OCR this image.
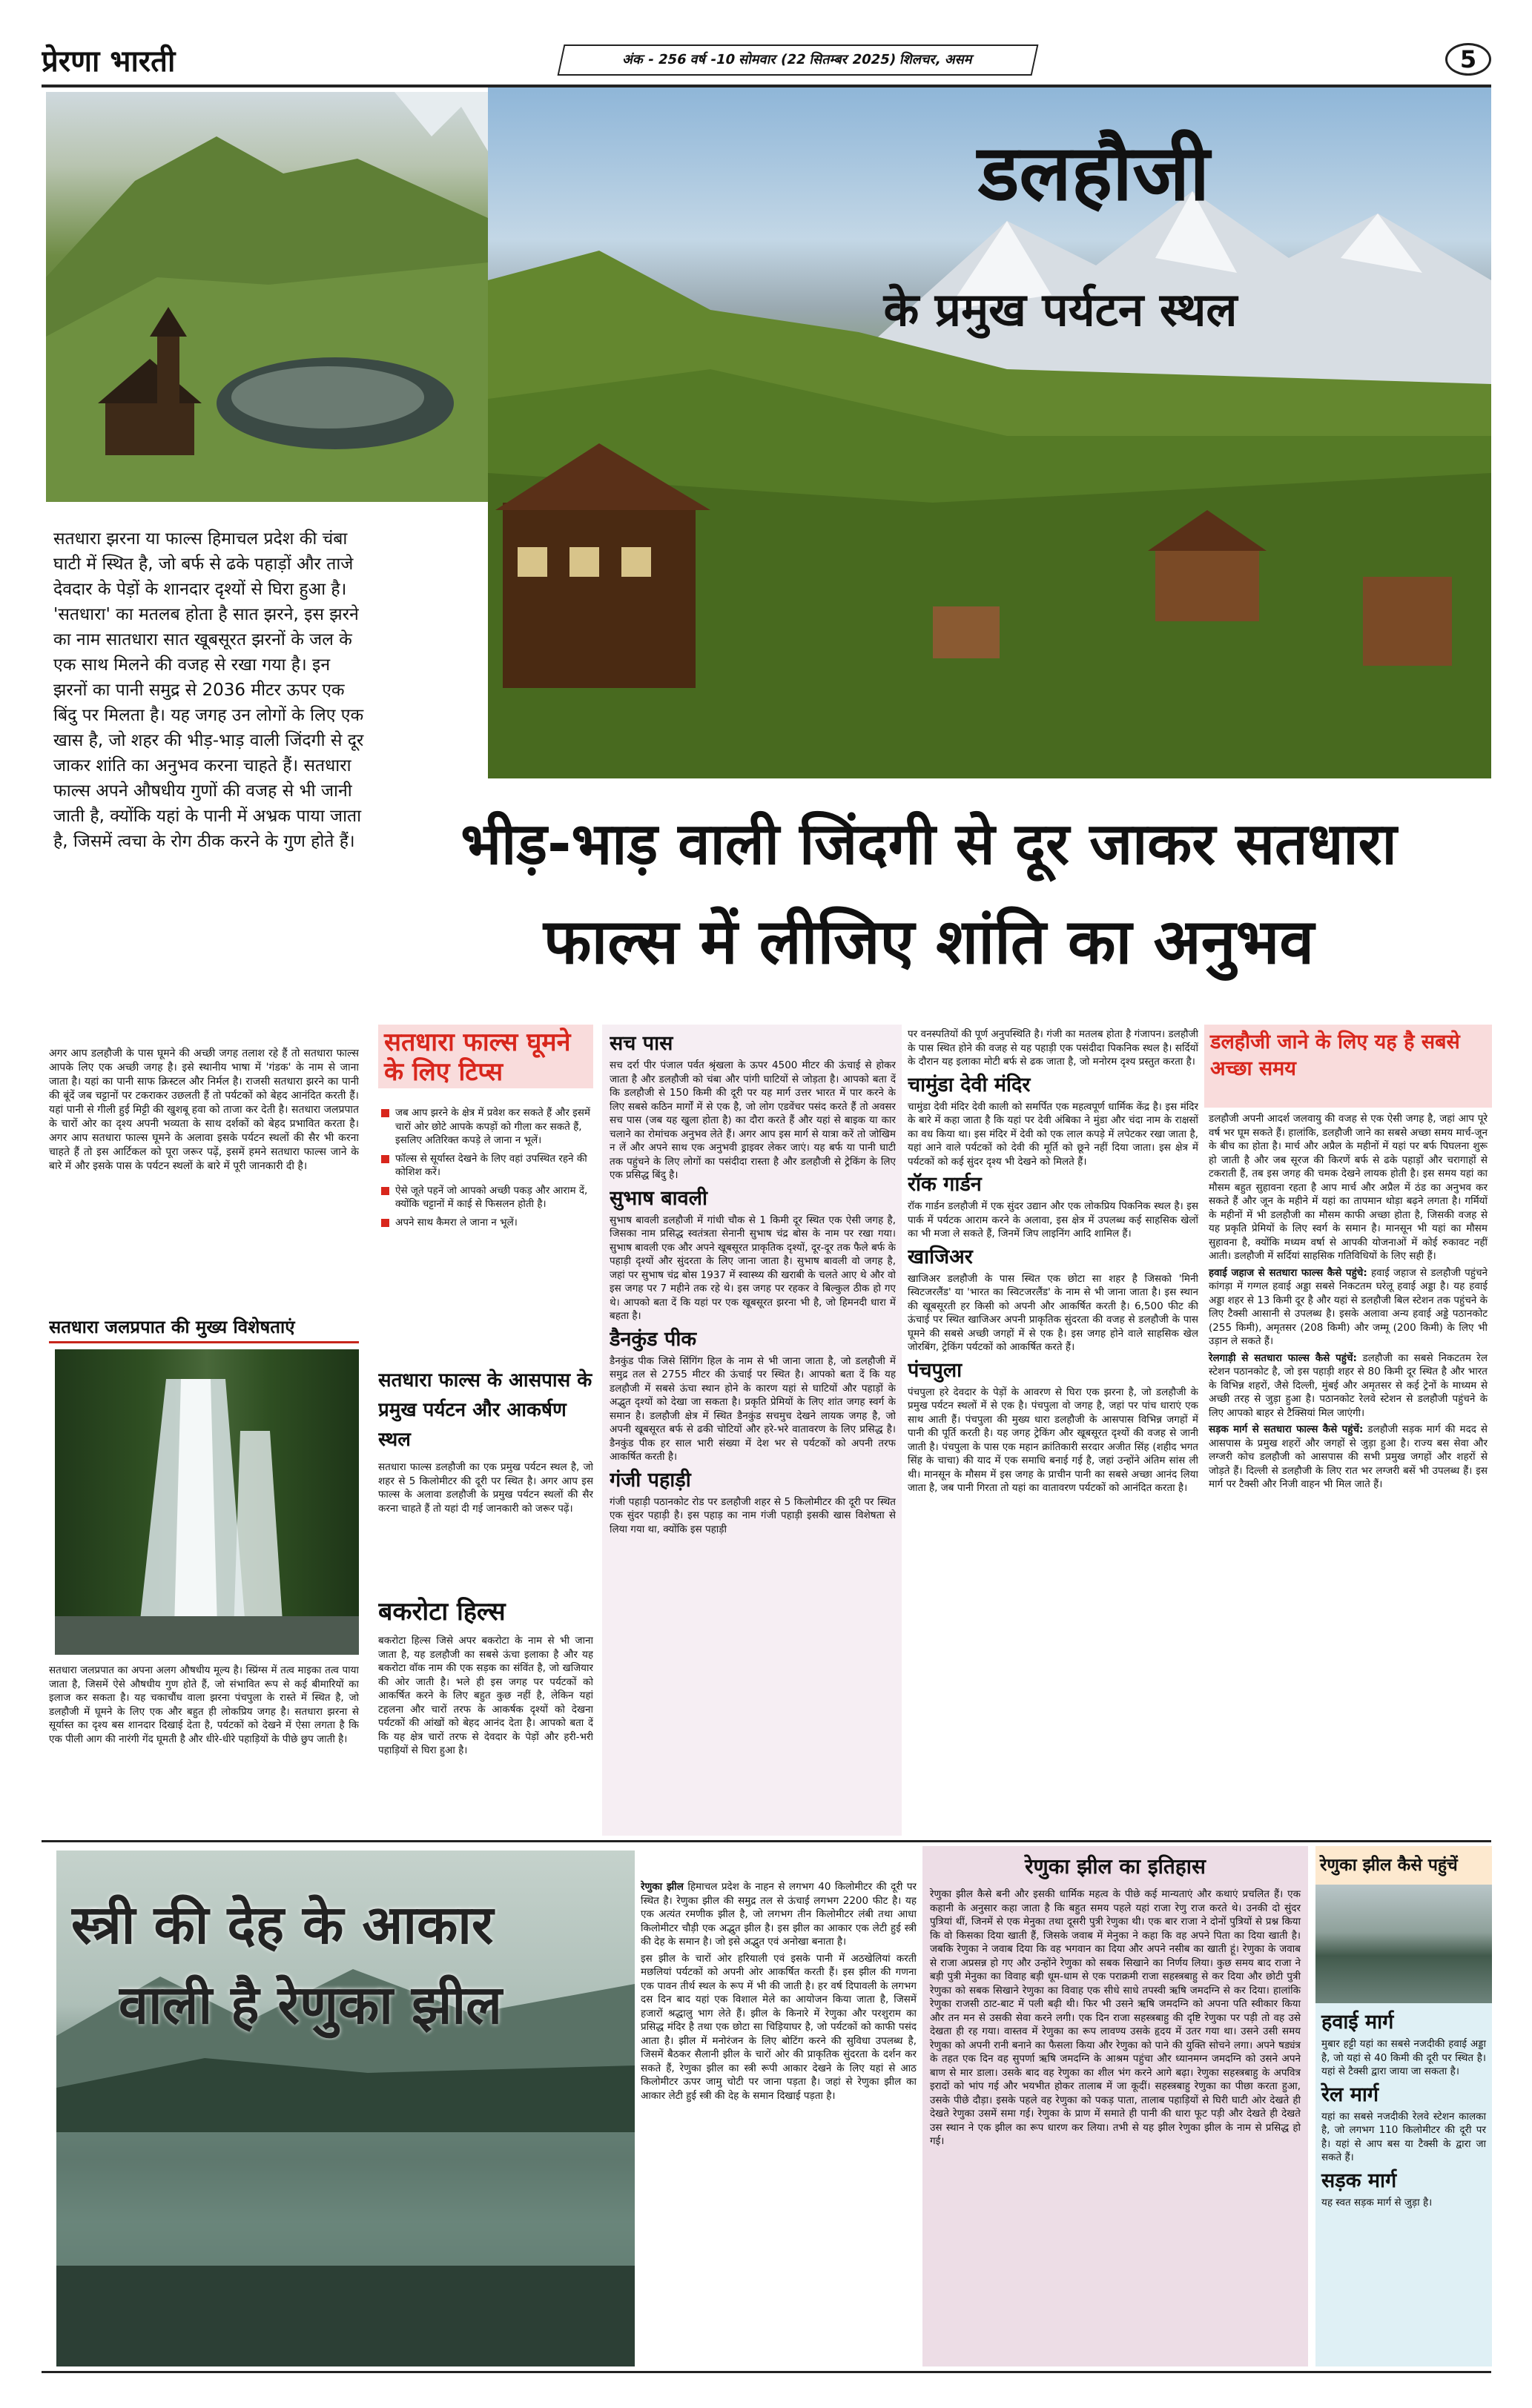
प्रेरणा भारती	अंक - 256 वर्ष -10 सोमवार (22 सितम्बर 2025) शिलचर, असम	5
डलहौजी
के प्रमुख पर्यटन स्थल
सतधारा झरना या फाल्स हिमाचल प्रदेश की चंबा घाटी में स्थित है, जो बर्फ से ढके पहाड़ों और ताजे देवदार के पेड़ों के शानदार दृश्यों से घिरा हुआ है। 'सतधारा' का मतलब होता है सात झरने, इस झरने का नाम सातधारा सात खूबसूरत झरनों के जल के एक साथ मिलने की वजह से रखा गया है। इन झरनों का पानी समुद्र से 2036 मीटर ऊपर एक बिंदु पर मिलता है। यह जगह उन लोगों के लिए एक खास है, जो शहर की भीड़-भाड़ वाली जिंदगी से दूर जाकर शांति का अनुभव करना चाहते हैं। सतधारा फाल्स अपने औषधीय गुणों की वजह से भी जानी जाती है, क्योंकि यहां के पानी में अभ्रक पाया जाता है, जिसमें त्वचा के रोग ठीक करने के गुण होते हैं।	भीड़-भाड़ वाली जिंदगी से दूर जाकर सतधारा
फाल्स में लीजिए शांति का अनुभव
अगर आप डलहौजी के पास घूमने की अच्छी जगह तलाश रहे हैं तो सतधारा फाल्स आपके लिए एक अच्छी जगह है। इसे स्थानीय भाषा में 'गंडक' के नाम से जाना जाता है। यहां का पानी साफ क्रिस्टल और निर्मल है। राजसी सतधारा झरने का पानी की बूंदें जब चट्टानों पर टकराकर उछलती हैं तो पर्यटकों को बेहद आनंदित करती हैं। यहां पानी से गीली हुई मिट्टी की खुशबू हवा को ताजा कर देती है। सतधारा जलप्रपात के चारों ओर का दृश्य अपनी भव्यता के साथ दर्शकों को बेहद प्रभावित करता है। अगर आप सतधारा फाल्स घूमने के अलावा इसके पर्यटन स्थलों की सैर भी करना चाहते हैं तो इस आर्टिकल को पूरा जरूर पढ़ें, इसमें हमने सतधारा फाल्स जाने के बारे में और इसके पास के पर्यटन स्थलों के बारे में पूरी जानकारी दी है।
सतधारा जलप्रपात की मुख्य विशेषताएं
सतधारा जलप्रपात का अपना अलग औषधीय मूल्य है। स्प्रिंग्स में तत्व माइका तत्व पाया जाता है, जिसमें ऐसे औषधीय गुण होते हैं, जो संभावित रूप से कई बीमारियों का इलाज कर सकता है। यह चकाचौंध वाला झरना पंचपुला के रास्ते में स्थित है, जो डलहौजी में घूमने के लिए एक और बहुत ही लोकप्रिय जगह है। सतधारा झरना से सूर्यास्त का दृश्य बस शानदार दिखाई देता है, पर्यटकों को देखने में ऐसा लगता है कि एक पीली आग की नारंगी गेंद घूमती है और धीरे-धीरे पहाड़ियों के पीछे छुप जाती है।
सतधारा फाल्स घूमने के लिए टिप्स
जब आप झरने के क्षेत्र में प्रवेश कर सकते हैं और इसमें चारों ओर छोटे आपके कपड़ों को गीला कर सकते हैं, इसलिए अतिरिक्त कपड़े ले जाना न भूलें।
फॉल्स से सूर्यास्त देखने के लिए वहां उपस्थित रहने की कोशिश करें।
ऐसे जूते पहनें जो आपको अच्छी पकड़ और आराम दें, क्योंकि चट्टानों में काई से फिसलन होती है।
अपने साथ कैमरा ले जाना न भूलें।
सतधारा फाल्स के आसपास के प्रमुख पर्यटन और आकर्षण स्थल
सतधारा फाल्स डलहौजी का एक प्रमुख पर्यटन स्थल है, जो शहर से 5 किलोमीटर की दूरी पर स्थित है। अगर आप इस फाल्स के अलावा डलहौजी के प्रमुख पर्यटन स्थलों की सैर करना चाहते हैं तो यहां दी गई जानकारी को जरूर पढ़ें।
बकरोटा हिल्स
बकरोटा हिल्स जिसे अपर बकरोटा के नाम से भी जाना जाता है, यह डलहौजी का सबसे ऊंचा इलाका है और यह बकरोटा वॉक नाम की एक सड़क का संविंत है, जो खजियार की ओर जाती है। भले ही इस जगह पर पर्यटकों को आकर्षित करने के लिए बहुत कुछ नहीं है, लेकिन यहां टहलना और चारों तरफ के आकर्षक दृश्यों को देखना पर्यटकों की आंखों को बेहद आनंद देता है। आपको बता दें कि यह क्षेत्र चारों तरफ से देवदार के पेड़ों और हरी-भरी पहाड़ियों से घिरा हुआ है।
सच पास
सच दर्रा पीर पंजाल पर्वत श्रृंखला के ऊपर 4500 मीटर की ऊंचाई से होकर जाता है और डलहौजी को चंबा और पांगी घाटियों से जोड़ता है। आपको बता दें कि डलहौजी से 150 किमी की दूरी पर यह मार्ग उत्तर भारत में पार करने के लिए सबसे कठिन मार्गों में से एक है, जो लोग एडवेंचर पसंद करते हैं तो अवसर सच पास (जब यह खुला होता है) का दौरा करते हैं और यहां से बाइक या कार चलाने का रोमांचक अनुभव लेते हैं। अगर आप इस मार्ग से यात्रा करें तो जोखिम न लें और अपने साथ एक अनुभवी ड्राइवर लेकर जाएं। यह बर्फ या पानी घाटी तक पहुंचने के लिए लोगों का पसंदीदा रास्ता है और डलहौजी से ट्रेकिंग के लिए एक प्रसिद्ध बिंदु है।
सुभाष बावली
सुभाष बावली डलहौजी में गांधी चौक से 1 किमी दूर स्थित एक ऐसी जगह है, जिसका नाम प्रसिद्ध स्वतंत्रता सेनानी सुभाष चंद्र बोस के नाम पर रखा गया। सुभाष बावली एक और अपने खूबसूरत प्राकृतिक दृश्यों, दूर-दूर तक फैले बर्फ के पहाड़ी दृश्यों और सुंदरता के लिए जाना जाता है। सुभाष बावली वो जगह है, जहां पर सुभाष चंद्र बोस 1937 में स्वास्थ्य की खराबी के चलते आए थे और वो इस जगह पर 7 महीने तक रहे थे। इस जगह पर रहकर वे बिल्कुल ठीक हो गए थे। आपको बता दें कि यहां पर एक खूबसूरत झरना भी है, जो हिमनदी धारा में बहता है।
डैनकुंड पीक
डैनकुंड पीक जिसे सिंगिंग हिल के नाम से भी जाना जाता है, जो डलहौजी में समुद्र तल से 2755 मीटर की ऊंचाई पर स्थित है। आपको बता दें कि यह डलहौजी में सबसे ऊंचा स्थान होने के कारण यहां से घाटियों और पहाड़ों के अद्भुत दृश्यों को देखा जा सकता है। प्रकृति प्रेमियों के लिए शांत जगह स्वर्ग के समान है। डलहौजी क्षेत्र में स्थित डैनकुंड सचमुच देखने लायक जगह है, जो अपनी खूबसूरत बर्फ से ढकी चोटियों और हरे-भरे वातावरण के लिए प्रसिद्ध है। डैनकुंड पीक हर साल भारी संख्या में देश भर से पर्यटकों को अपनी तरफ आकर्षित करती है।
गंजी पहाड़ी
गंजी पहाड़ी पठानकोट रोड पर डलहौजी शहर से 5 किलोमीटर की दूरी पर स्थित एक सुंदर पहाड़ी है। इस पहाड़ का नाम गंजी पहाड़ी इसकी खास विशेषता से लिया गया था, क्योंकि इस पहाड़ी
पर वनस्पतियों की पूर्ण अनुपस्थिति है। गंजी का मतलब होता है गंजापन। डलहौजी के पास स्थित होने की वजह से यह पहाड़ी एक पसंदीदा पिकनिक स्थल है। सर्दियों के दौरान यह इलाका मोटी बर्फ से ढक जाता है, जो मनोरम दृश्य प्रस्तुत करता है।
चामुंडा देवी मंदिर
चामुंडा देवी मंदिर देवी काली को समर्पित एक महत्वपूर्ण धार्मिक केंद्र है। इस मंदिर के बारे में कहा जाता है कि यहां पर देवी अंबिका ने मुंडा और चंदा नाम के राक्षसों का वध किया था। इस मंदिर में देवी को एक लाल कपड़े में लपेटकर रखा जाता है, यहां आने वाले पर्यटकों को देवी की मूर्ति को छूने नहीं दिया जाता। इस क्षेत्र में पर्यटकों को कई सुंदर दृश्य भी देखने को मिलते हैं।
रॉक गार्डन
रॉक गार्डन डलहौजी में एक सुंदर उद्यान और एक लोकप्रिय पिकनिक स्थल है। इस पार्क में पर्यटक आराम करने के अलावा, इस क्षेत्र में उपलब्ध कई साहसिक खेलों का भी मजा ले सकते हैं, जिनमें जिप लाइनिंग आदि शामिल हैं।
खाजिअर
खाजिअर डलहौजी के पास स्थित एक छोटा सा शहर है जिसको 'मिनी स्विटजरलैंड' या 'भारत का स्विटजरलैंड' के नाम से भी जाना जाता है। इस स्थान की खूबसूरती हर किसी को अपनी और आकर्षित करती है। 6,500 फीट की ऊंचाई पर स्थित खाजिअर अपनी प्राकृतिक सुंदरता की वजह से डलहौजी के पास घूमने की सबसे अच्छी जगहों में से एक है। इस जगह होने वाले साहसिक खेल जोरबिंग, ट्रेकिंग पर्यटकों को आकर्षित करते हैं।
पंचपुला
पंचपुला हरे देवदार के पेड़ों के आवरण से घिरा एक झरना है, जो डलहौजी के प्रमुख पर्यटन स्थलों में से एक है। पंचपुला वो जगह है, जहां पर पांच धाराएं एक साथ आती हैं। पंचपुला की मुख्य धारा डलहौजी के आसपास विभिन्न जगहों में पानी की पूर्ति करती है। यह जगह ट्रेकिंग और खूबसूरत दृश्यों की वजह से जानी जाती है। पंचपुला के पास एक महान क्रांतिकारी सरदार अजीत सिंह (शहीद भगत सिंह के चाचा) की याद में एक समाधि बनाई गई है, जहां उन्होंने अंतिम सांस ली थी। मानसून के मौसम में इस जगह के प्राचीन पानी का सबसे अच्छा आनंद लिया जाता है, जब पानी गिरता तो यहां का वातावरण पर्यटकों को आनंदित करता है।
डलहौजी जाने के लिए यह है सबसे अच्छा समय
डलहौजी अपनी आदर्श जलवायु की वजह से एक ऐसी जगह है, जहां आप पूरे वर्ष भर घूम सकते हैं। हालांकि, डलहौजी जाने का सबसे अच्छा समय मार्च-जून के बीच का होता है। मार्च और अप्रैल के महीनों में यहां पर बर्फ पिघलना शुरू हो जाती है और जब सूरज की किरणें बर्फ से ढके पहाड़ों और चरागाहों से टकराती हैं, तब इस जगह की चमक देखने लायक होती है। इस समय यहां का मौसम बहुत सुहावना रहता है आप मार्च और अप्रैल में ठंड का अनुभव कर सकते हैं और जून के महीने में यहां का तापमान थोड़ा बढ़ने लगता है। गर्मियों के महीनों में भी डलहौजी का मौसम काफी अच्छा होता है, जिसकी वजह से यह प्रकृति प्रेमियों के लिए स्वर्ग के समान है। मानसून भी यहां का मौसम सुहावना है, क्योंकि मध्यम वर्षा से आपकी योजनाओं में कोई रुकावट नहीं आती। डलहौजी में सर्दियां साहसिक गतिविधियों के लिए सही हैं।
हवाई जहाज से सतधारा फाल्स कैसे पहुंचे: हवाई जहाज से डलहौजी पहुंचने कांगड़ा में गग्गल हवाई अड्डा सबसे निकटतम घरेलू हवाई अड्डा है। यह हवाई अड्डा शहर से 13 किमी दूर है और यहां से डलहौजी बिल स्टेशन तक पहुंचने के लिए टैक्सी आसानी से उपलब्ध है। इसके अलावा अन्य हवाई अड्डे पठानकोट (255 किमी), अमृतसर (208 किमी) और जम्मू (200 किमी) के लिए भी उड़ान ले सकते हैं।
रेलगाड़ी से सतधारा फाल्स कैसे पहुंचें: डलहौजी का सबसे निकटतम रेल स्टेशन पठानकोट है, जो इस पहाड़ी शहर से 80 किमी दूर स्थित है और भारत के विभिन्न शहरों, जैसे दिल्ली, मुंबई और अमृतसर से कई ट्रेनों के माध्यम से अच्छी तरह से जुड़ा हुआ है। पठानकोट रेलवे स्टेशन से डलहौजी पहुंचने के लिए आपको बाहर से टैक्सियां मिल जाएंगी।
सड़क मार्ग से सतधारा फाल्स कैसे पहुंचें: डलहौजी सड़क मार्ग की मदद से आसपास के प्रमुख शहरों और जगहों से जुड़ा हुआ है। राज्य बस सेवा और लग्जरी कोच डलहौजी को आसपास की सभी प्रमुख जगहों और शहरों से जोड़ते हैं। दिल्ली से डलहौजी के लिए रात भर लग्जरी बसें भी उपलब्ध हैं। इस मार्ग पर टैक्सी और निजी वाहन भी मिल जाते हैं।
स्त्री की देह के आकार
वाली है रेणुका झील
रेणुका झील हिमाचल प्रदेश के नाहन से लगभग 40 किलोमीटर की दूरी पर स्थित है। रेणुका झील की समुद्र तल से ऊंचाई लगभग 2200 फीट है। यह एक अत्यंत रमणीक झील है, जो लगभग तीन किलोमीटर लंबी तथा आधा किलोमीटर चौड़ी एक अद्भुत झील है। इस झील का आकार एक लेटी हुई स्त्री की देह के समान है। जो इसे अद्भुत एवं अनोखा बनाता है।
इस झील के चारों ओर हरियाली एवं इसके पानी में अठखेलियां करती मछलियां पर्यटकों को अपनी ओर आकर्षित करती हैं। इस झील की गणना एक पावन तीर्थ स्थल के रूप में भी की जाती है। हर वर्ष दिपावली के लगभग दस दिन बाद यहां एक विशाल मेले का आयोजन किया जाता है, जिसमें हजारों श्रद्धालु भाग लेते हैं। झील के किनारे में रेणुका और परशुराम का प्रसिद्ध मंदिर है तथा एक छोटा सा चिड़ियाघर है, जो पर्यटकों को काफी पसंद आता है। झील में मनोरंजन के लिए बोटिंग करने की सुविधा उपलब्ध है, जिसमें बैठकर सैलानी झील के चारों ओर की प्राकृतिक सुंदरता के दर्शन कर सकते हैं, रेणुका झील का स्त्री रूपी आकार देखने के लिए यहां से आठ किलोमीटर ऊपर जामु चोटी पर जाना पड़ता है। जहां से रेणुका झील का आकार लेटी हुई स्त्री की देह के समान दिखाई पड़ता है।
रेणुका झील का इतिहास
रेणुका झील कैसे बनी और इसकी धार्मिक महत्व के पीछे कई मान्यताएं और कथाएं प्रचलित हैं। एक कहानी के अनुसार कहा जाता है कि बहुत समय पहले यहां राजा रेणु राज करते थे। उनकी दो सुंदर पुत्रियां थीं, जिनमें से एक मेनुका तथा दूसरी पुत्री रेणुका थी। एक बार राजा ने दोनों पुत्रियों से प्रश्न किया कि वो किसका दिया खाती हैं, जिसके जवाब में मेनुका ने कहा कि वह अपने पिता का दिया खाती है। जबकि रेणुका ने जवाब दिया कि वह भगवान का दिया और अपने नसीब का खाती हूं। रेणुका के जवाब से राजा अप्रसन्न हो गए और उन्होंने रेणुका को सबक सिखाने का निर्णय लिया। कुछ समय बाद राजा ने बड़ी पुत्री मेनुका का विवाह बड़ी धूम-धाम से एक पराक्रमी राजा सहस्त्रबाहु से कर दिया और छोटी पुत्री रेणुका को सबक सिखाने रेणुका का विवाह एक सीधे साधे तपस्वी ऋषि जमदग्नि से कर दिया। हालांकि रेणुका राजसी ठाट-बाट में पली बढ़ी थी। फिर भी उसने ऋषि जमदग्नि को अपना पति स्वीकार किया और तन मन से उसकी सेवा करने लगी। एक दिन राजा सहस्त्रबाहु की दृष्टि रेणुका पर पड़ी तो वह उसे देखता ही रह गया। वास्तव में रेणुका का रूप लावण्य उसके हृदय में उतर गया था। उसने उसी समय रेणुका को अपनी रानी बनाने का फैसला किया और रेणुका को पाने की युक्ति सोचने लगा। अपने षड्यंत्र के तहत एक दिन वह सुपर्णा ऋषि जमदग्नि के आश्रम पहुंचा और ध्यानमग्न जमदग्नि को उसने अपने बाण से मार डाला। उसके बाद वह रेणुका का शील भंग करने आगे बढ़ा। रेणुका सहस्त्रबाहु के अपवित्र इरादों को भांप गई और भयभीत होकर तालाब में जा कूदीं। सहस्त्रबाहु रेणुका का पीछा करता हुआ, उसके पीछे दौड़ा। इसके पहले वह रेणुका को पकड़ पाता, तालाब पहाड़ियों से घिरी घाटी ओर देखते ही देखते रेणुका उसमें समा गई। रेणुका के प्राण में समाते ही पानी की धारा फूट पड़ी और देखते ही देखते उस स्थान ने एक झील का रूप धारण कर लिया। तभी से यह झील रेणुका झील के नाम से प्रसिद्ध हो गई।
रेणुका झील कैसे पहुंचें
हवाई मार्ग
मुबार हट्टी यहां का सबसे नजदीकी हवाई अड्डा है, जो यहां से 40 किमी की दूरी पर स्थित है। यहां से टैक्सी द्वारा जाया जा सकता है।
रेल मार्ग
यहां का सबसे नजदीकी रेलवे स्टेशन कालका है, जो लगभग 110 किलोमीटर की दूरी पर है। यहां से आप बस या टैक्सी के द्वारा जा सकते हैं।
सड़क मार्ग
यह स्वत सड़क मार्ग से जुड़ा है।
